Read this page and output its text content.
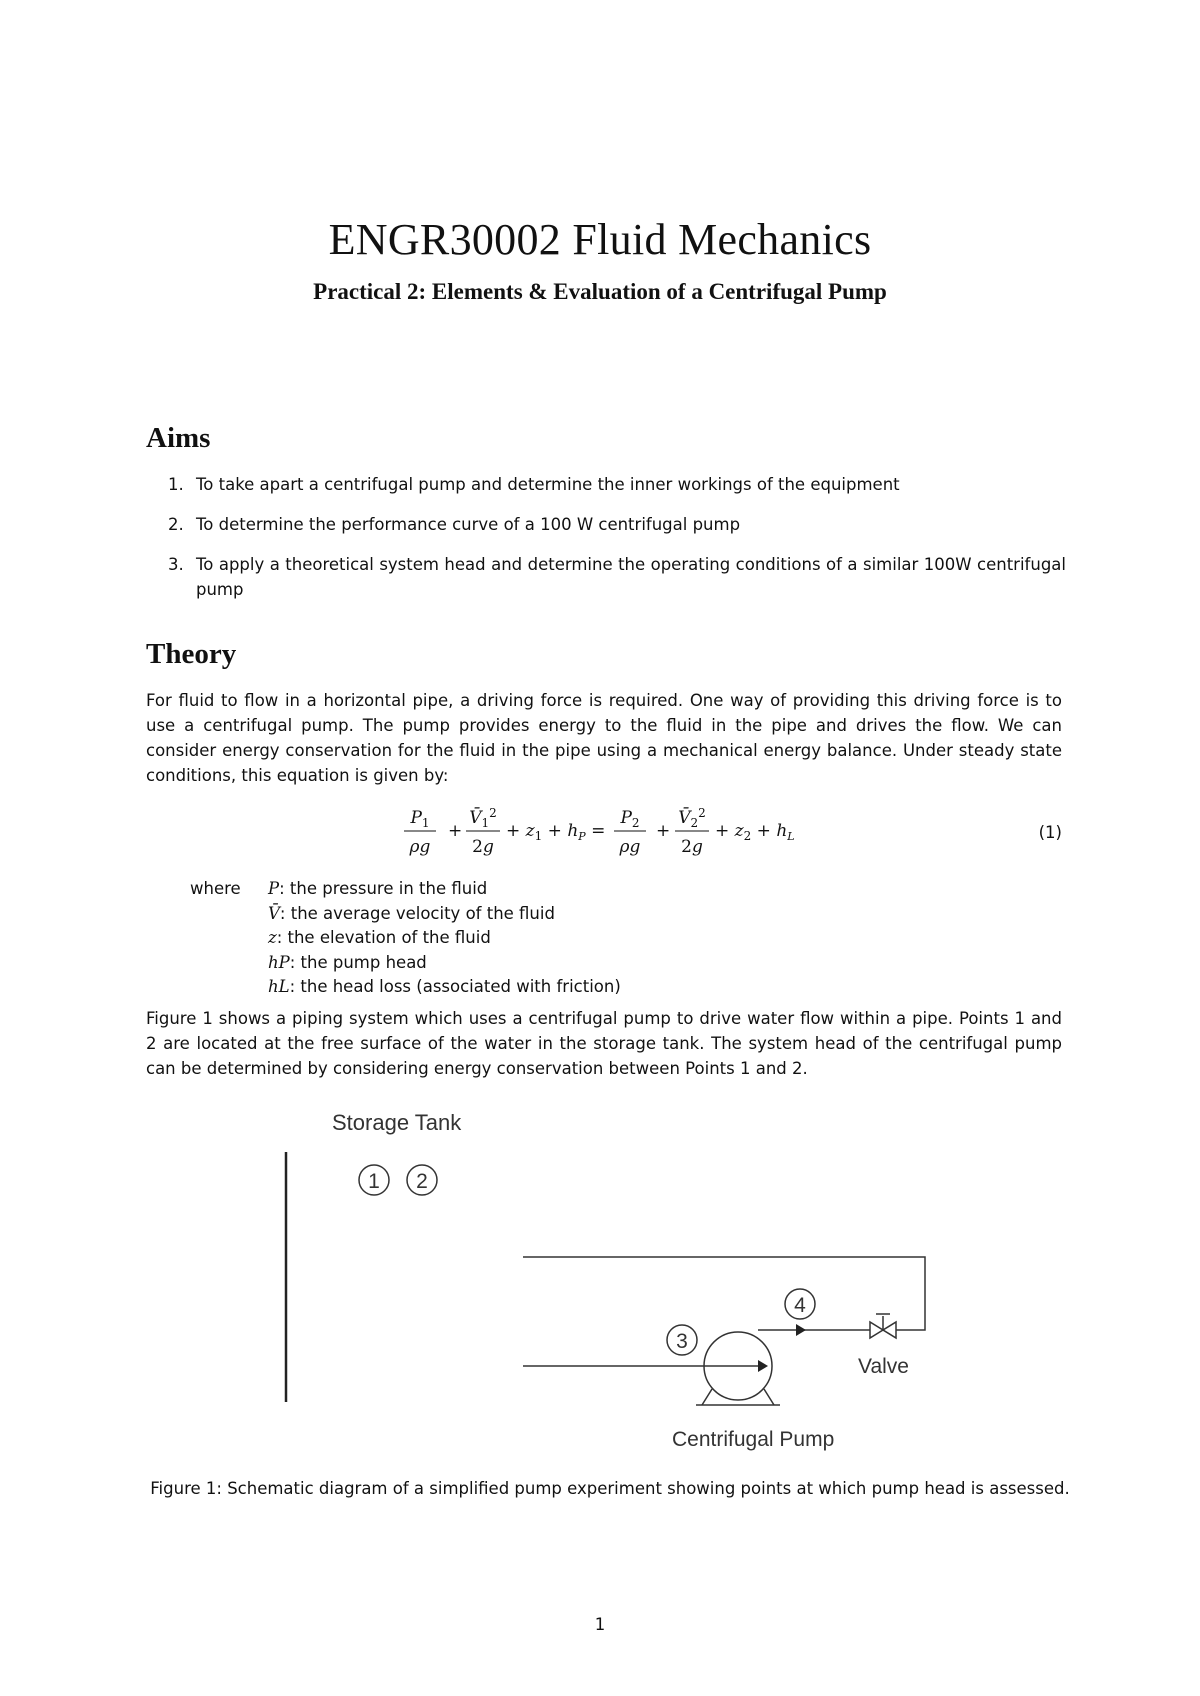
ENGR30002 Fluid Mechanics
Practical 2: Elements & Evaluation of a Centrifugal Pump
Aims
1. To take apart a centrifugal pump and determine the inner workings of the equipment
2. To determine the performance curve of a 100 W centrifugal pump
3. To apply a theoretical system head and determine the operating conditions of a similar 100W centrifugal pump
Theory

For fluid to flow in a horizontal pipe, a driving force is required. One way of providing this driving force is to use a centrifugal pump. The pump provides energy to the fluid in the pipe and drives the flow. We can consider energy conservation for the fluid in the pipe using a mechanical energy balance. Under steady state conditions, this equation is given by:

$P_1$
ρg
+
$V̄_1^2$
2g
+ $z_1 + h_P$ =
$P_2$
ρg
+
$V̄_2^2$
2g
+ $z_2 + h_L$	(1)
where P: the pressure in the fluid
V̄: the average velocity of the fluid
z: the elevation of the fluid
hP: the pump head
hL: the head loss (associated with friction)

Figure 1 shows a piping system which uses a centrifugal pump to drive water flow within a pipe. Points 1 and 2 are located at the free surface of the water in the storage tank. The system head of the centrifugal pump can be determined by considering energy conservation between Points 1 and 2.

Storage Tank
1 2
Valve
3
4
Centrifugal Pump

Figure 1: Schematic diagram of a simplified pump experiment showing points at which pump head is assessed.

1
